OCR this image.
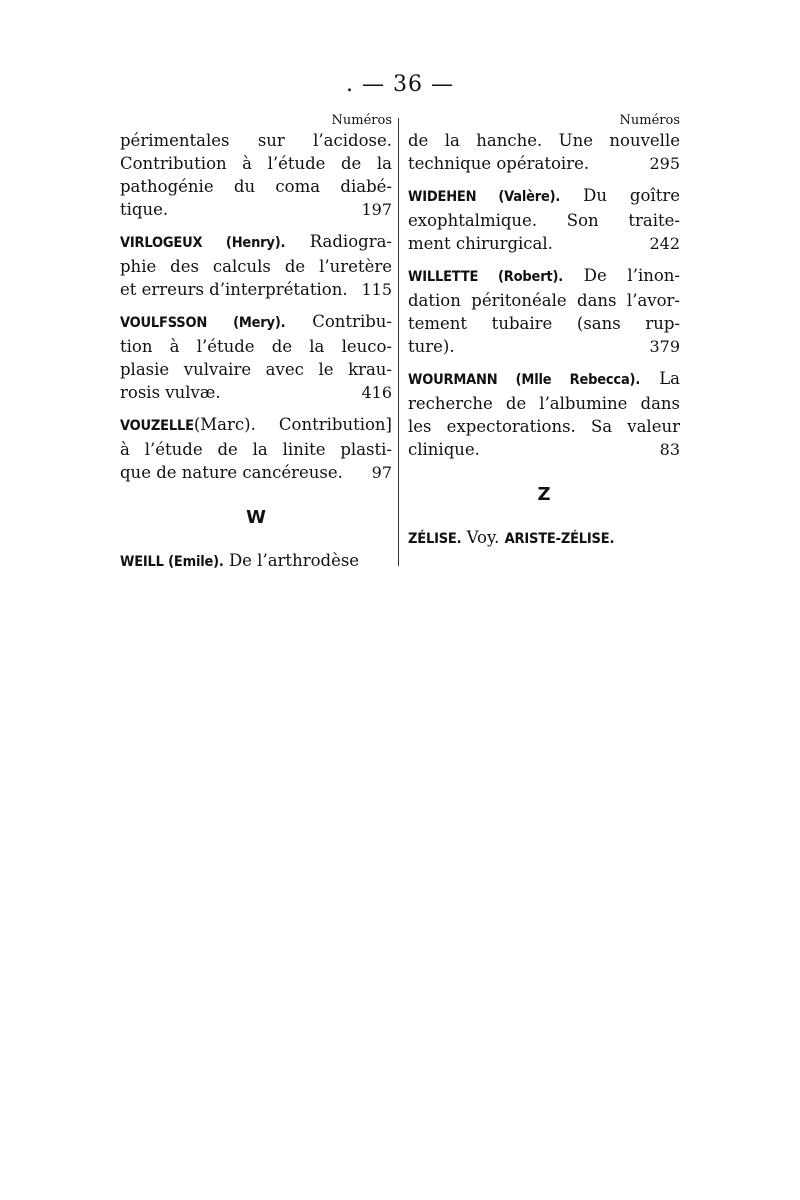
. — 36 —
Numéros
périmentales sur l’acidose.
Contribution à l’étude de la
pathogénie du coma diabé-
tique.	197
VIRLOGEUX (Henry). Radiogra-
phie des calculs de l’uretère
et erreurs d’interprétation. 115
VOULFSSON (Mery). Contribu-
tion à l’étude de la leuco-
plasie vulvaire avec le krau-
rosis vulvæ.	416
VOUZELLE(Marc). Contribution]
à l’étude de la linite plasti-
que de nature cancéreuse. 97
W
WEILL (Emile). De l’arthrodèse
Numéros
de la hanche. Une nouvelle
technique opératoire.	295
WIDEHEN (Valère). Du goître
exophtalmique. Son traite-
ment chirurgical.	242
WILLETTE (Robert). De l’inon-
dation péritonéale dans l’avor-
tement tubaire (sans rup-
ture).	379
WOURMANN (Mlle Rebecca). La
recherche de l’albumine dans
les expectorations. Sa valeur
clinique.	83
Z
ZÉLISE. Voy. ARISTE-ZÉLISE.
